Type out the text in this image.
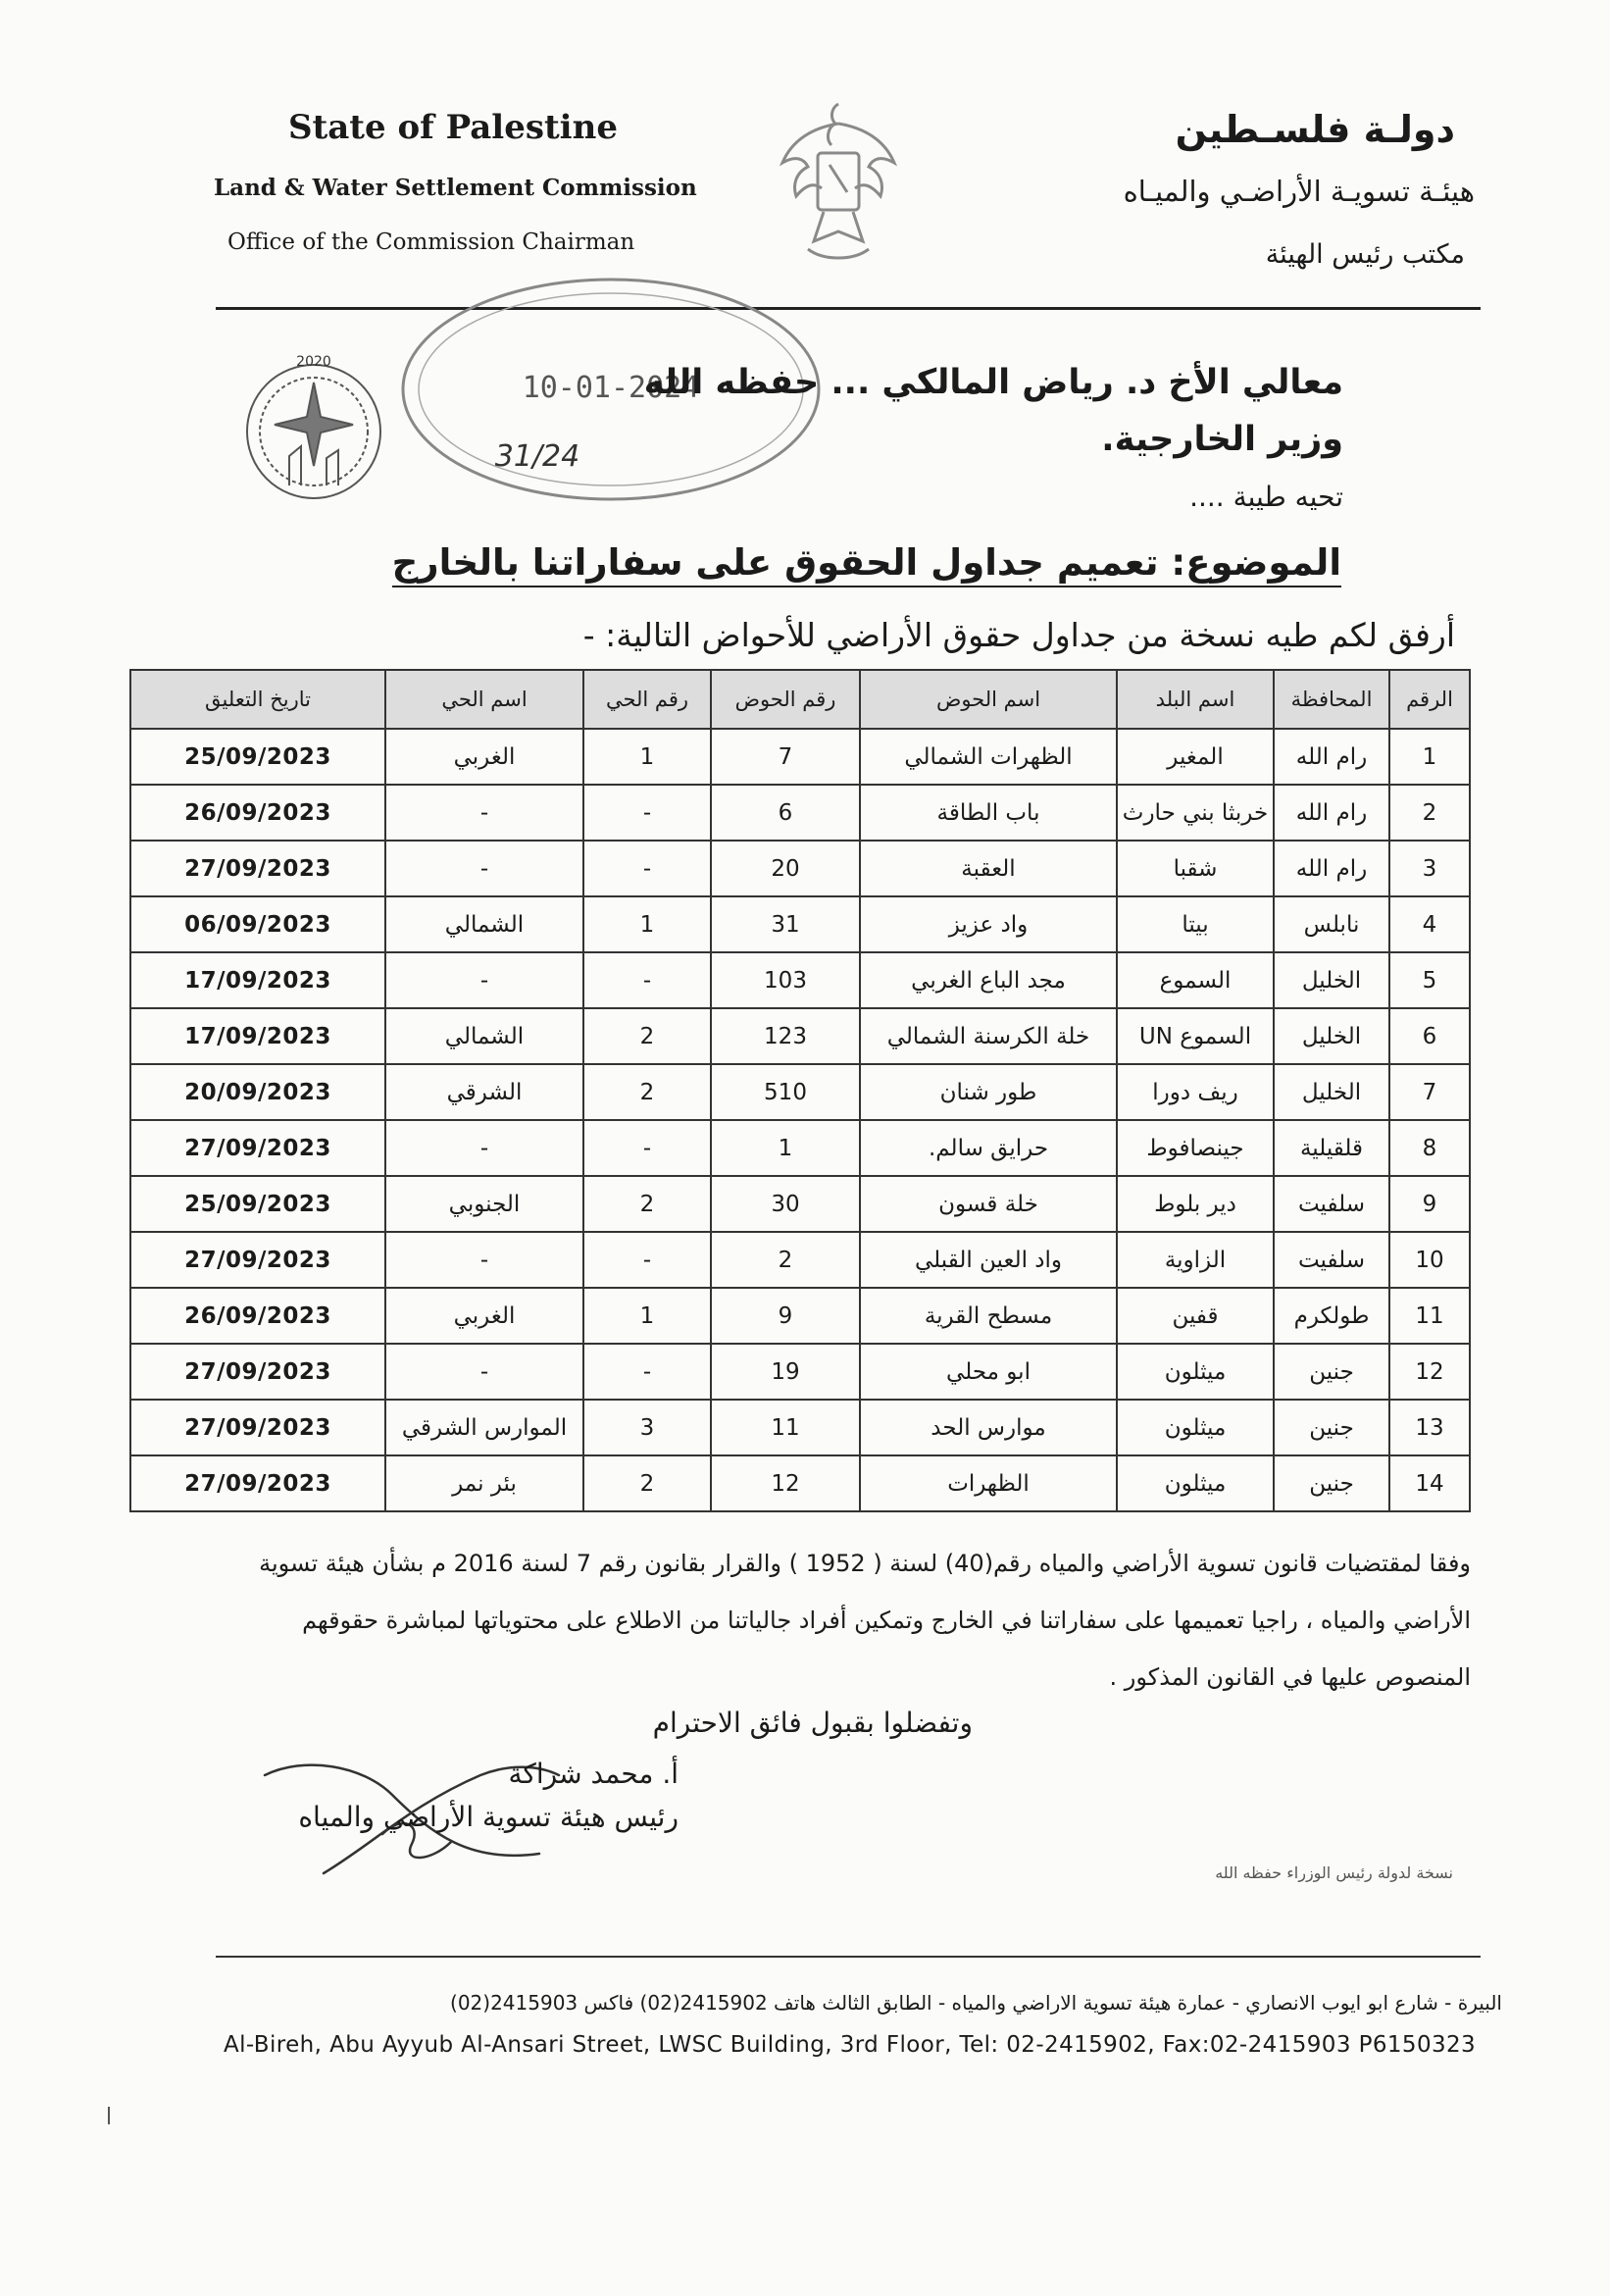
State of Palestine
Land & Water Settlement Commission
Office of the Commission Chairman
دولـة فلسـطين
هيئـة تسويـة الأراضـي والميـاه
مكتب رئيس الهيئة
2020
10-01-2024
31/24
معالي الأخ د. رياض المالكي ... حفظه الله
وزير الخارجية.
تحيه طيبة ....
الموضوع: تعميم جداول الحقوق على سفاراتنا بالخارج
أرفق لكم طيه نسخة من جداول حقوق الأراضي للأحواض التالية: -
الرقم	المحافظة	اسم البلد	اسم الحوض	رقم الحوض	رقم الحي	اسم الحي	تاريخ التعليق
1	رام الله	المغير	الظهرات الشمالي	7	1	الغربي	25/09/2023
2	رام الله	خربثا بني حارث	باب الطاقة	6	-	-	26/09/2023
3	رام الله	شقبا	العقبة	20	-	-	27/09/2023
4	نابلس	بيتا	واد عزيز	31	1	الشمالي	06/09/2023
5	الخليل	السموع	مجد الباع الغربي	103	-	-	17/09/2023
6	الخليل	السموع UN	خلة الكرسنة الشمالي	123	2	الشمالي	17/09/2023
7	الخليل	ريف دورا	طور شنان	510	2	الشرقي	20/09/2023
8	قلقيلية	جينصافوط	حرايق سالم.	1	-	-	27/09/2023
9	سلفيت	دير بلوط	خلة قسون	30	2	الجنوبي	25/09/2023
10	سلفيت	الزاوية	واد العين القبلي	2	-	-	27/09/2023
11	طولكرم	قفين	مسطح القرية	9	1	الغربي	26/09/2023
12	جنين	ميثلون	ابو محلي	19	-	-	27/09/2023
13	جنين	ميثلون	موارس الحد	11	3	الموارس الشرقي	27/09/2023
14	جنين	ميثلون	الظهرات	12	2	بئر نمر	27/09/2023
وفقا لمقتضيات قانون تسوية الأراضي والمياه رقم(40) لسنة ( 1952 ) والقرار بقانون رقم 7 لسنة 2016 م بشأن هيئة تسوية
الأراضي والمياه ، راجيا تعميمها على سفاراتنا في الخارج وتمكين أفراد جالياتنا من الاطلاع على محتوياتها لمباشرة حقوقهم
المنصوص عليها في القانون المذكور .
وتفضلوا بقبول فائق الاحترام
أ. محمد شراكة
رئيس هيئة تسوية الأراضي والمياه
نسخة لدولة رئيس الوزراء حفظه الله
البيرة - شارع ابو ايوب الانصاري - عمارة هيئة تسوية الاراضي والمياه - الطابق الثالث هاتف 2415902(02) فاكس 2415903(02)
Al-Bireh, Abu Ayyub Al-Ansari Street, LWSC Building, 3rd Floor, Tel: 02-2415902, Fax:02-2415903 P6150323
